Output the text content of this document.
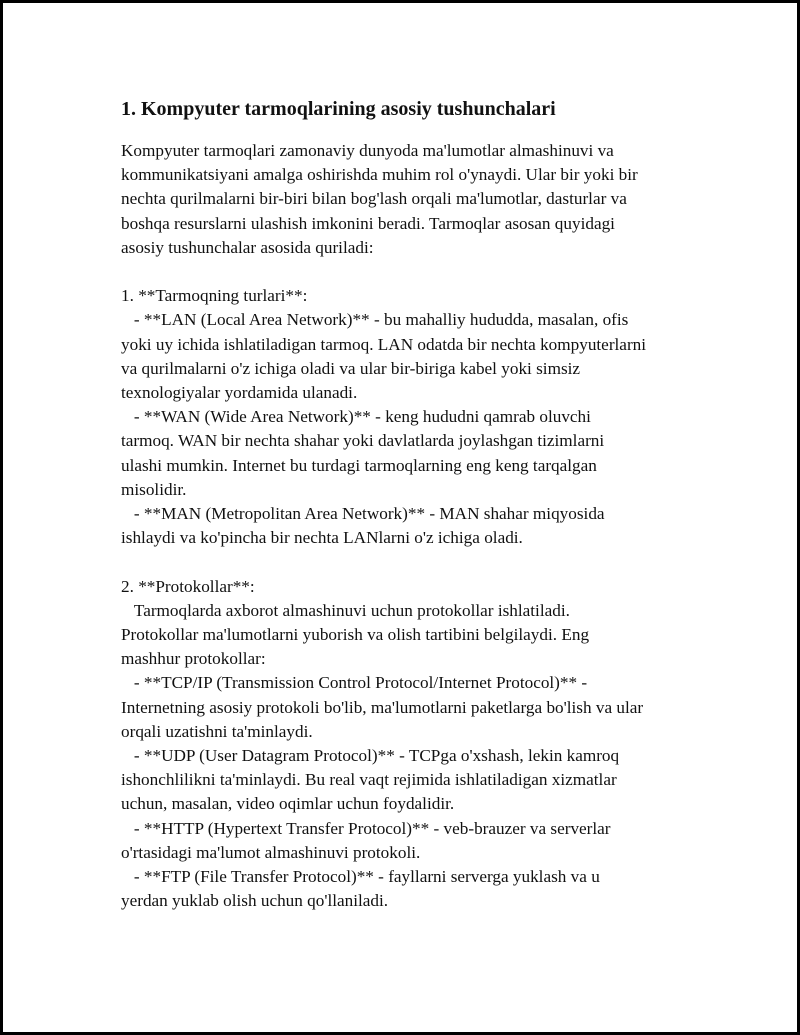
1. Kompyuter tarmoqlarining asosiy tushunchalari

Kompyuter tarmoqlari zamonaviy dunyoda ma'lumotlar almashinuvi va
kommunikatsiyani amalga oshirishda muhim rol o'ynaydi. Ular bir yoki bir
nechta qurilmalarni bir-biri bilan bog'lash orqali ma'lumotlar, dasturlar va
boshqa resurslarni ulashish imkonini beradi. Tarmoqlar asosan quyidagi
asosiy tushunchalar asosida quriladi:

1. **Tarmoqning turlari**:

- **LAN (Local Area Network)** - bu mahalliy hududda, masalan, ofis
yoki uy ichida ishlatiladigan tarmoq. LAN odatda bir nechta kompyuterlarni
va qurilmalarni o'z ichiga oladi va ular bir-biriga kabel yoki simsiz
texnologiyalar yordamida ulanadi.

- **WAN (Wide Area Network)** - keng hududni qamrab oluvchi
tarmoq. WAN bir nechta shahar yoki davlatlarda joylashgan tizimlarni
ulashi mumkin. Internet bu turdagi tarmoqlarning eng keng tarqalgan
misolidir.

- **MAN (Metropolitan Area Network)** - MAN shahar miqyosida
ishlaydi va ko'pincha bir nechta LANlarni o'z ichiga oladi.

2. **Protokollar**:

Tarmoqlarda axborot almashinuvi uchun protokollar ishlatiladi.
Protokollar ma'lumotlarni yuborish va olish tartibini belgilaydi. Eng
mashhur protokollar:

- **TCP/IP (Transmission Control Protocol/Internet Protocol)** -
Internetning asosiy protokoli bo'lib, ma'lumotlarni paketlarga bo'lish va ular
orqali uzatishni ta'minlaydi.

- **UDP (User Datagram Protocol)** - TCPga o'xshash, lekin kamroq
ishonchlilikni ta'minlaydi. Bu real vaqt rejimida ishlatiladigan xizmatlar
uchun, masalan, video oqimlar uchun foydalidir.

- **HTTP (Hypertext Transfer Protocol)** - veb-brauzer va serverlar
o'rtasidagi ma'lumot almashinuvi protokoli.

- **FTP (File Transfer Protocol)** - fayllarni serverga yuklash va u
yerdan yuklab olish uchun qo'llaniladi.
